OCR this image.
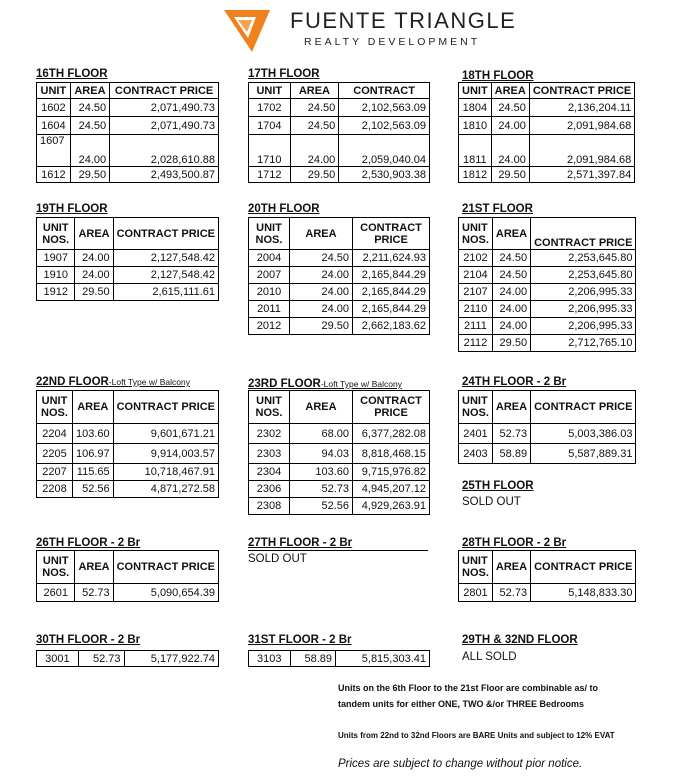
FUENTE TRIANGLE
REALTY DEVELOPMENT
16TH FLOOR
UNIT	AREA	CONTRACT PRICE
1602	24.50	2,071,490.73
1604	24.50	2,071,490.73
1607	24.00	2,028,610.88
1612	29.50	2,493,500.87
17TH FLOOR
UNIT	AREA	CONTRACT
1702	24.50	2,102,563.09
1704	24.50	2,102,563.09
1710	24.00	2,059,040.04
1712	29.50	2,530,903.38
18TH FLOOR
UNIT	AREA	CONTRACT PRICE
1804	24.50	2,136,204.11
1810	24.00	2,091,984.68
1811	24.00	2,091,984.68
1812	29.50	2,571,397.84
19TH FLOOR
UNIT NOS.	AREA	CONTRACT PRICE
1907	24.00	2,127,548.42
1910	24.00	2,127,548.42
1912	29.50	2,615,111.61
20TH FLOOR
UNIT NOS.	AREA	CONTRACT PRICE
2004	24.50	2,211,624.93
2007	24.00	2,165,844.29
2010	24.00	2,165,844.29
2011	24.00	2,165,844.29
2012	29.50	2,662,183.62
21ST FLOOR
UNIT NOS.	AREA	CONTRACT PRICE
2102	24.50	2,253,645.80
2104	24.50	2,253,645.80
2107	24.00	2,206,995.33
2110	24.00	2,206,995.33
2111	24.00	2,206,995.33
2112	29.50	2,712,765.10
22ND FLOOR-Loft Type w/ Balcony
UNIT NOS.	AREA	CONTRACT PRICE
2204	103.60	9,601,671.21
2205	106.97	9,914,003.57
2207	115.65	10,718,467.91
2208	52.56	4,871,272.58
23RD FLOOR-Loft Type w/ Balcony
UNIT NOS.	AREA	CONTRACT PRICE
2302	68.00	6,377,282.08
2303	94.03	8,818,468.15
2304	103.60	9,715,976.82
2306	52.73	4,945,207.12
2308	52.56	4,929,263.91
24TH FLOOR - 2 Br
UNIT NOS.	AREA	CONTRACT PRICE
2401	52.73	5,003,386.03
2403	58.89	5,587,889.31
25TH FLOOR
SOLD OUT
26TH FLOOR - 2 Br
UNIT NOS.	AREA	CONTRACT PRICE
2601	52.73	5,090,654.39
27TH FLOOR - 2 Br
SOLD OUT
28TH FLOOR - 2 Br
UNIT NOS.	AREA	CONTRACT PRICE
2801	52.73	5,148,833.30
30TH FLOOR - 2 Br
3001	52.73	5,177,922.74
31ST FLOOR - 2 Br
3103	58.89	5,815,303.41
29TH & 32ND FLOOR
ALL SOLD
Units on the 6th Floor to the 21st Floor are combinable as/ to
tandem units for either ONE, TWO &/or THREE Bedrooms
Units from 22nd to 32nd Floors are BARE Units and subject to 12% EVAT
Prices are subject to change without pior notice.
